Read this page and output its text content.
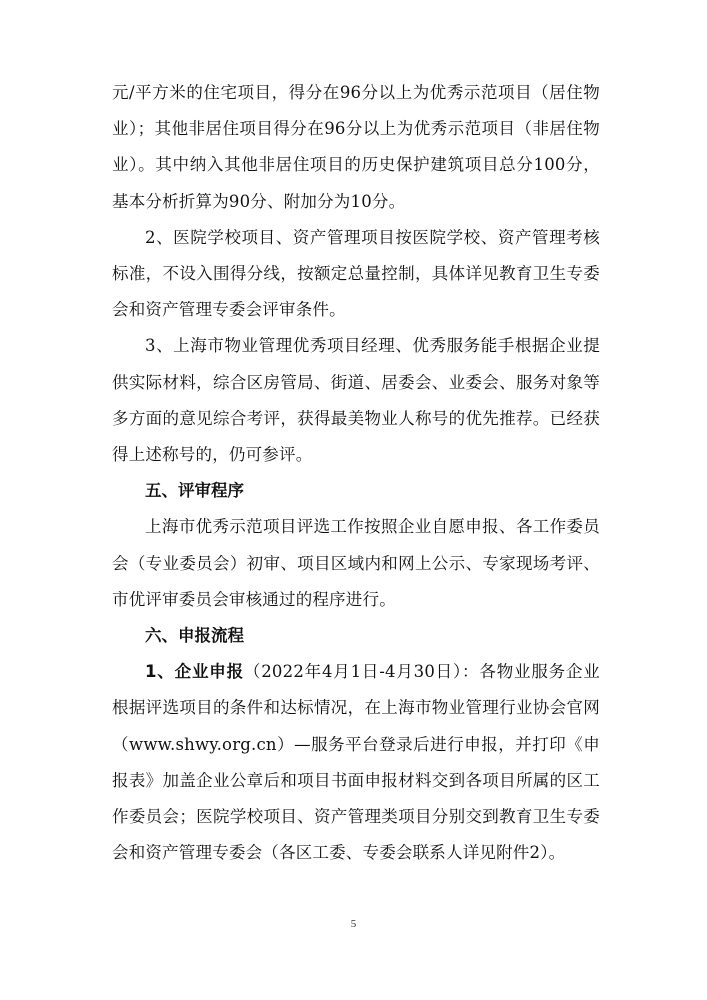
元/平方米的住宅项目，得分在96分以上为优秀示范项目（居住物业）；其他非居住项目得分在96分以上为优秀示范项目（非居住物业）。其中纳入其他非居住项目的历史保护建筑项目总分100分，基本分析折算为90分、附加分为10分。

2、医院学校项目、资产管理项目按医院学校、资产管理考核标准，不设入围得分线，按额定总量控制，具体详见教育卫生专委会和资产管理专委会评审条件。

3、上海市物业管理优秀项目经理、优秀服务能手根据企业提供实际材料，综合区房管局、街道、居委会、业委会、服务对象等多方面的意见综合考评，获得最美物业人称号的优先推荐。已经获得上述称号的，仍可参评。

五、评审程序

上海市优秀示范项目评选工作按照企业自愿申报、各工作委员会（专业委员会）初审、项目区域内和网上公示、专家现场考评、市优评审委员会审核通过的程序进行。

六、申报流程

1、企业申报（2022年4月1日-4月30日）：各物业服务企业根据评选项目的条件和达标情况，在上海市物业管理行业协会官网（www.shwy.org.cn）—服务平台登录后进行申报，并打印《申报表》加盖企业公章后和项目书面申报材料交到各项目所属的区工作委员会；医院学校项目、资产管理类项目分别交到教育卫生专委会和资产管理专委会（各区工委、专委会联系人详见附件2）。

5
